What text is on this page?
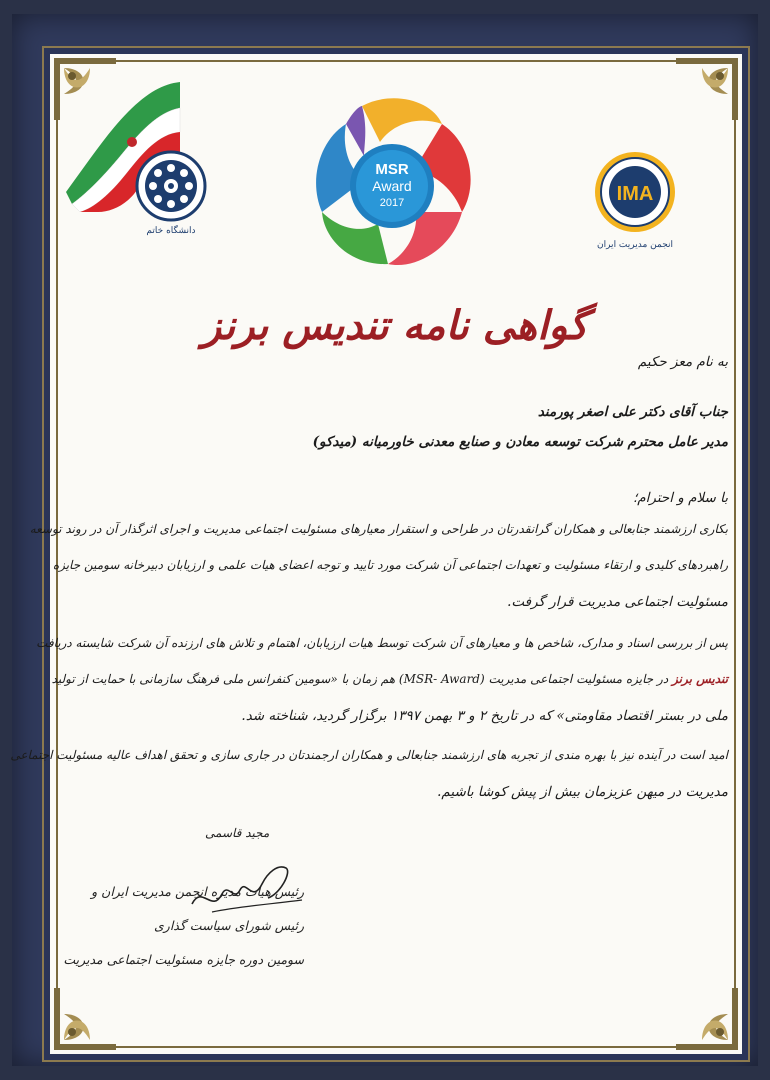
دانشگاه خاتم
IMA
انجمن مدیریت ایران
MSR
Award
2017
گواهی نامه تندیس برنز
به نام معز حکیم
جناب آقای دکتر علی اصغر پورمند
مدیر عامل محترم شرکت توسعه معادن و صنایع معدنی خاورمیانه (میدکو)
با سلام و احترام؛
بکاری ارزشمند جنابعالی و همکاران گرانقدرتان در طراحی و استقرار معیارهای مسئولیت اجتماعی مدیریت و اجرای اثرگذار آن در روند توسعه
راهبردهای کلیدی و ارتقاء مسئولیت و تعهدات اجتماعی آن شرکت مورد تایید و توجه اعضای هیات علمی و ارزیابان دبیرخانه سومین جایزه
مسئولیت اجتماعی مدیریت قرار گرفت.
پس از بررسی اسناد و مدارک، شاخص ها و معیارهای آن شرکت توسط هیات ارزیابان، اهتمام و تلاش های ارزنده آن شرکت شایسته دریافت
تندیس برنز در جایزه مسئولیت اجتماعی مدیریت (MSR- Award) هم زمان با «سومین کنفرانس ملی فرهنگ سازمانی با حمایت از تولید
ملی در بستر اقتصاد مقاومتی» که در تاریخ ۲ و ۳ بهمن ۱۳۹۷ برگزار گردید، شناخته شد.
امید است در آینده نیز با بهره مندی از تجربه های ارزشمند جنابعالی و همکاران ارجمندتان در جاری سازی و تحقق اهداف عالیه مسئولیت اجتماعی
مدیریت در میهن عزیزمان بیش از پیش کوشا باشیم.
مجید قاسمی
رئیس هیات مدیره انجمن مدیریت ایران و
رئیس شورای سیاست گذاری
سومین دوره جایزه مسئولیت اجتماعی مدیریت
